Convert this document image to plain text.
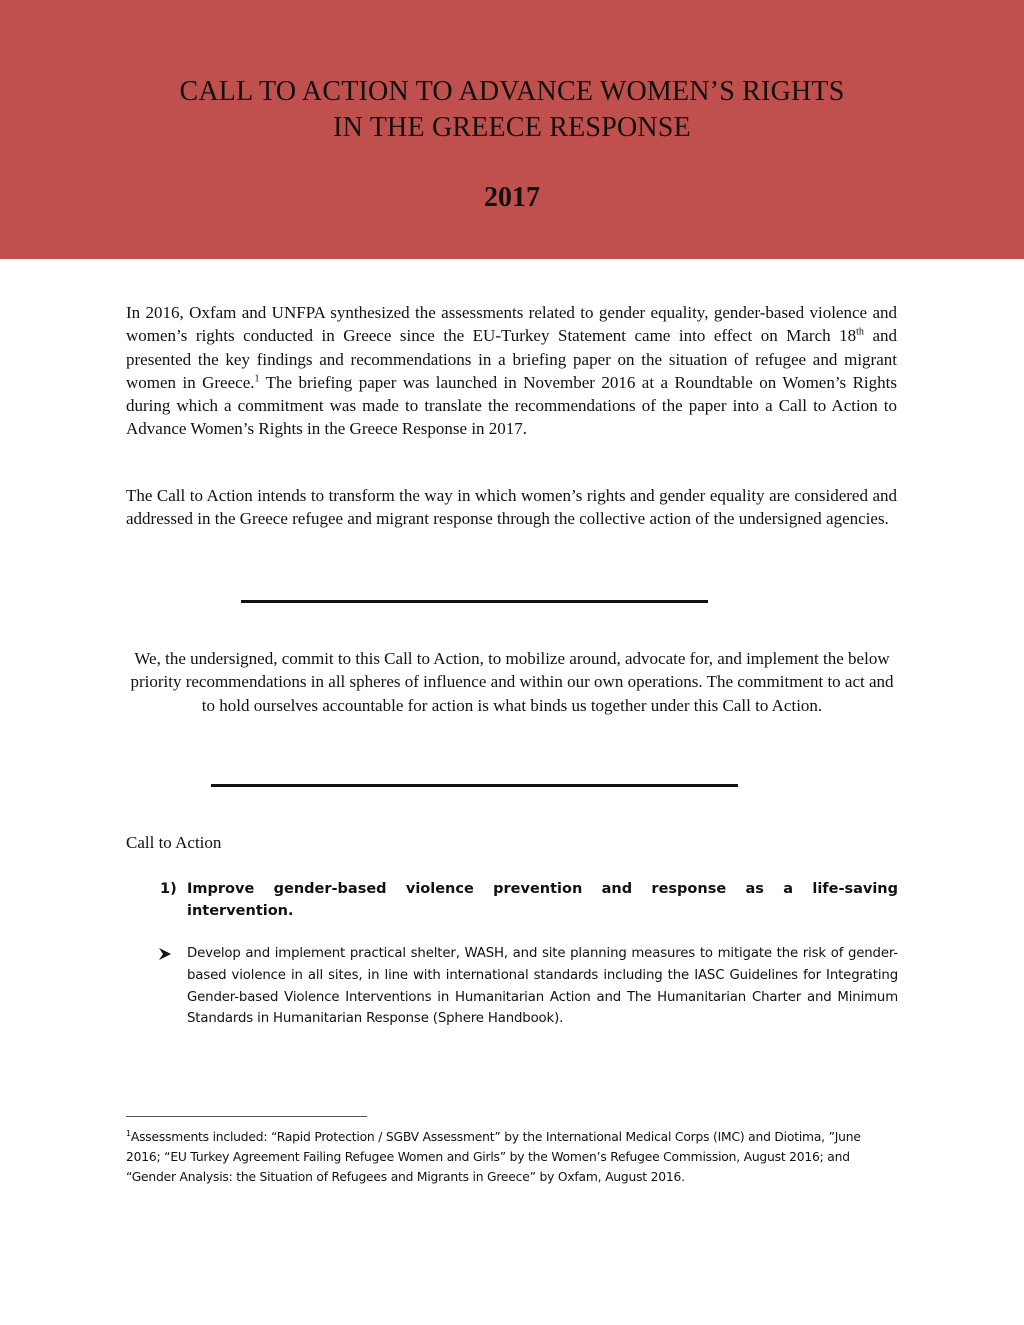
CALL TO ACTION TO ADVANCE WOMEN’S RIGHTS
IN THE GREECE RESPONSE
2017
In 2016, Oxfam and UNFPA synthesized the assessments related to gender equality, gender-based violence and women’s rights conducted in Greece since the EU-Turkey Statement came into effect on March 18th and presented the key findings and recommendations in a briefing paper on the situation of refugee and migrant women in Greece.$^1$ The briefing paper was launched in November 2016 at a Roundtable on Women’s Rights during which a commitment was made to translate the recommendations of the paper into a Call to Action to Advance Women’s Rights in the Greece Response in 2017.
The Call to Action intends to transform the way in which women’s rights and gender equality are considered and addressed in the Greece refugee and migrant response through the collective action of the undersigned agencies.
We, the undersigned, commit to this Call to Action, to mobilize around, advocate for, and implement the below priority recommendations in all spheres of influence and within our own operations. The commitment to act and to hold ourselves accountable for action is what binds us together under this Call to Action.
Call to Action
1) Improve gender-based violence prevention and response as a life-saving
intervention.
Develop and implement practical shelter, WASH, and site planning measures to mitigate the risk of gender-based violence in all sites, in line with international standards including the IASC Guidelines for Integrating Gender-based Violence Interventions in Humanitarian Action and The Humanitarian Charter and Minimum Standards in Humanitarian Response (Sphere Handbook).
$^1$Assessments included: “Rapid Protection / SGBV Assessment” by the International Medical Corps (IMC) and Diotima, ”June 2016; “EU Turkey Agreement Failing Refugee Women and Girls” by the Women’s Refugee Commission, August 2016; and “Gender Analysis: the Situation of Refugees and Migrants in Greece” by Oxfam, August 2016.
